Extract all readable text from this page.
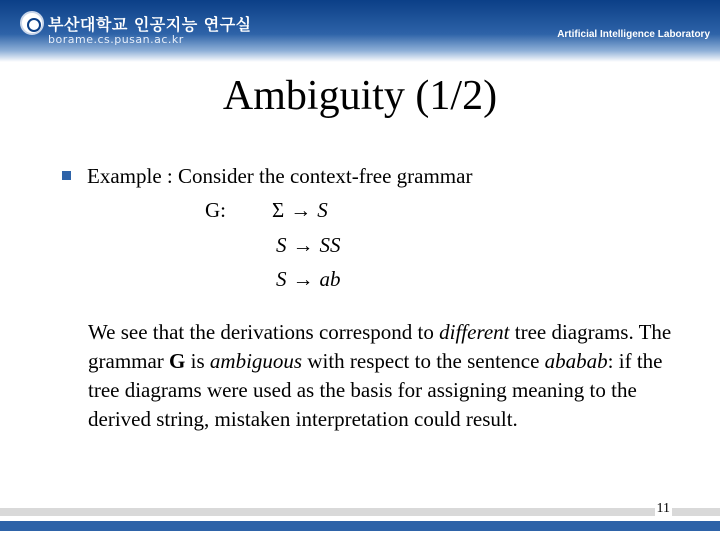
부산대학교 인공지능 연구실
borame.cs.pusan.ac.kr	Artificial Intelligence Laboratory
Ambiguity (1/2)
Example : Consider the context-free grammar
G: Σ → S
S → SS
S → ab
We see that the derivations correspond to different tree diagrams. The grammar G is ambiguous with respect to the sentence ababab: if the tree diagrams were used as the basis for assigning meaning to the derived string, mistaken interpretation could result.
11
